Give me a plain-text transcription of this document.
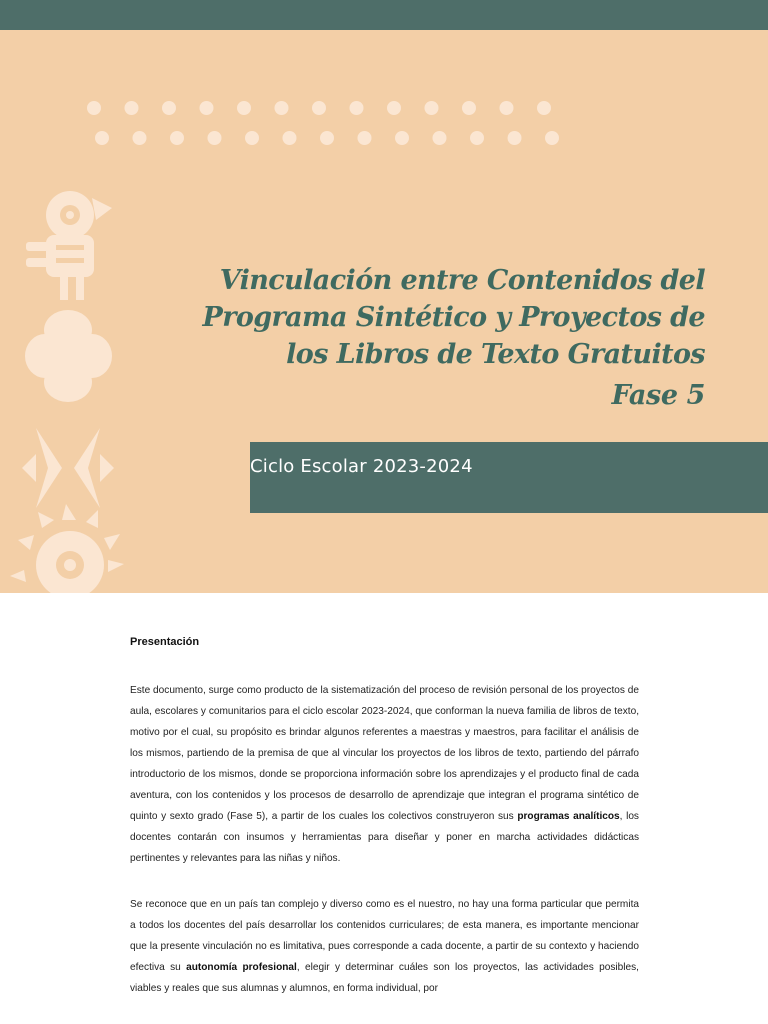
Vinculación entre Contenidos del
Programa Sintético y Proyectos de
los Libros de Texto Gratuitos
Fase 5
Ciclo Escolar 2023-2024

Presentación

Este documento, surge como producto de la sistematización del proceso de revisión personal de los proyectos de aula, escolares y comunitarios para el ciclo escolar 2023-2024, que conforman la nueva familia de libros de texto, motivo por el cual, su propósito es brindar algunos referentes a maestras y maestros, para facilitar el análisis de los mismos, partiendo de la premisa de que al vincular los proyectos de los libros de texto, partiendo del párrafo introductorio de los mismos, donde se proporciona información sobre los aprendizajes y el producto final de cada aventura, con los contenidos y los procesos de desarrollo de aprendizaje que integran el programa sintético de quinto y sexto grado (Fase 5), a partir de los cuales los colectivos construyeron sus programas analíticos, los docentes contarán con insumos y herramientas para diseñar y poner en marcha actividades didácticas pertinentes y relevantes para las niñas y niños.

Se reconoce que en un país tan complejo y diverso como es el nuestro, no hay una forma particular que permita a todos los docentes del país desarrollar los contenidos curriculares; de esta manera, es importante mencionar que la presente vinculación no es limitativa, pues corresponde a cada docente, a partir de su contexto y haciendo efectiva su autonomía profesional, elegir y determinar cuáles son los proyectos, las actividades posibles, viables y reales que sus alumnas y alumnos, en forma individual, por
